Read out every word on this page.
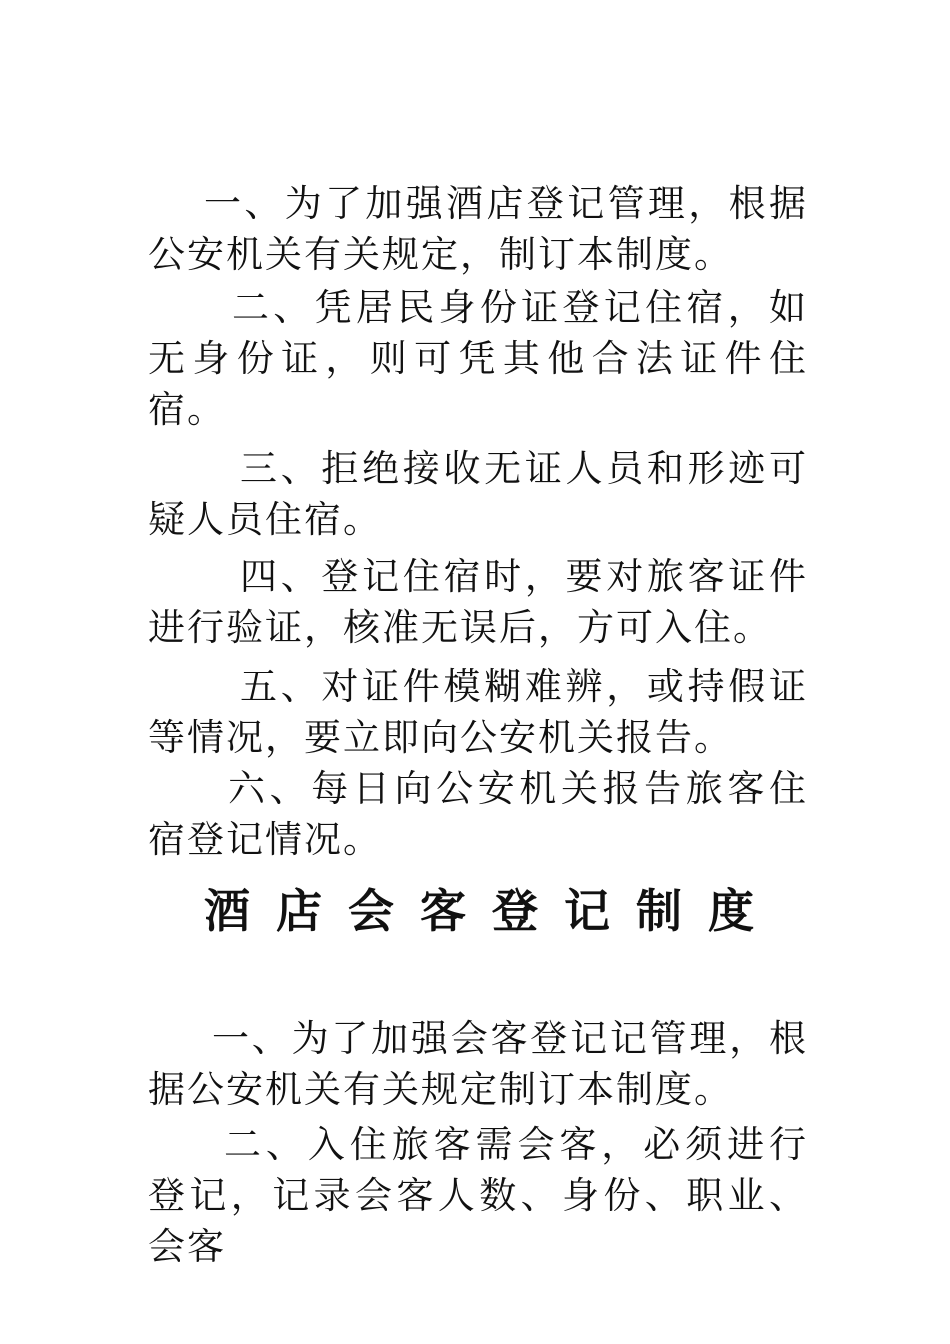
一、为了加强酒店登记管理，根据公安机关有关规定，制订本制度。

二、凭居民身份证登记住宿，如无身份证，则可凭其他合法证件住宿。

三、拒绝接收无证人员和形迹可疑人员住宿。

四、登记住宿时，要对旅客证件进行验证，核准无误后，方可入住。

五、对证件模糊难辨，或持假证等情况，要立即向公安机关报告。

六、每日向公安机关报告旅客住宿登记情况。

酒店会客登记制度

一、为了加强会客登记记管理，根据公安机关有关规定制订本制度。

二、入住旅客需会客，必须进行登记，记录会客人数、身份、职业、会客
